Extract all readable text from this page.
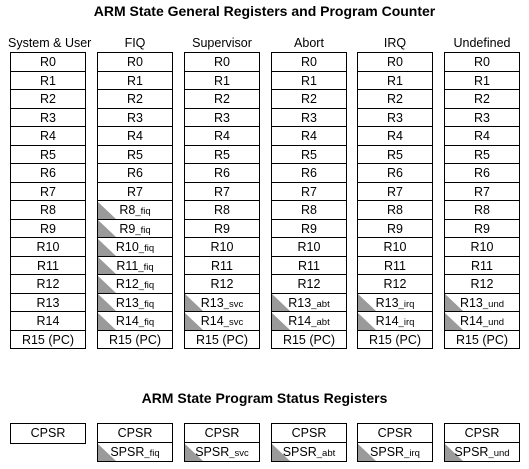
ARM State General Registers and Program Counter
ARM State Program Status Registers
System & User
R0
R1
R2
R3
R4
R5
R6
R7
R8
R9
R10
R11
R12
R13
R14
R15 (PC)
CPSR
FIQ
R0
R1
R2
R3
R4
R5
R6
R7
R8_fiq
R9_fiq
R10_fiq
R11_fiq
R12_fiq
R13_fiq
R14_fiq
R15 (PC)
CPSR
SPSR_fiq
Supervisor
R0
R1
R2
R3
R4
R5
R6
R7
R8
R9
R10
R11
R12
R13_svc
R14_svc
R15 (PC)
CPSR
SPSR_svc
Abort
R0
R1
R2
R3
R4
R5
R6
R7
R8
R9
R10
R11
R12
R13_abt
R14_abt
R15 (PC)
CPSR
SPSR_abt
IRQ
R0
R1
R2
R3
R4
R5
R6
R7
R8
R9
R10
R11
R12
R13_irq
R14_irq
R15 (PC)
CPSR
SPSR_irq
Undefined
R0
R1
R2
R3
R4
R5
R6
R7
R8
R9
R10
R11
R12
R13_und
R14_und
R15 (PC)
CPSR
SPSR_und
